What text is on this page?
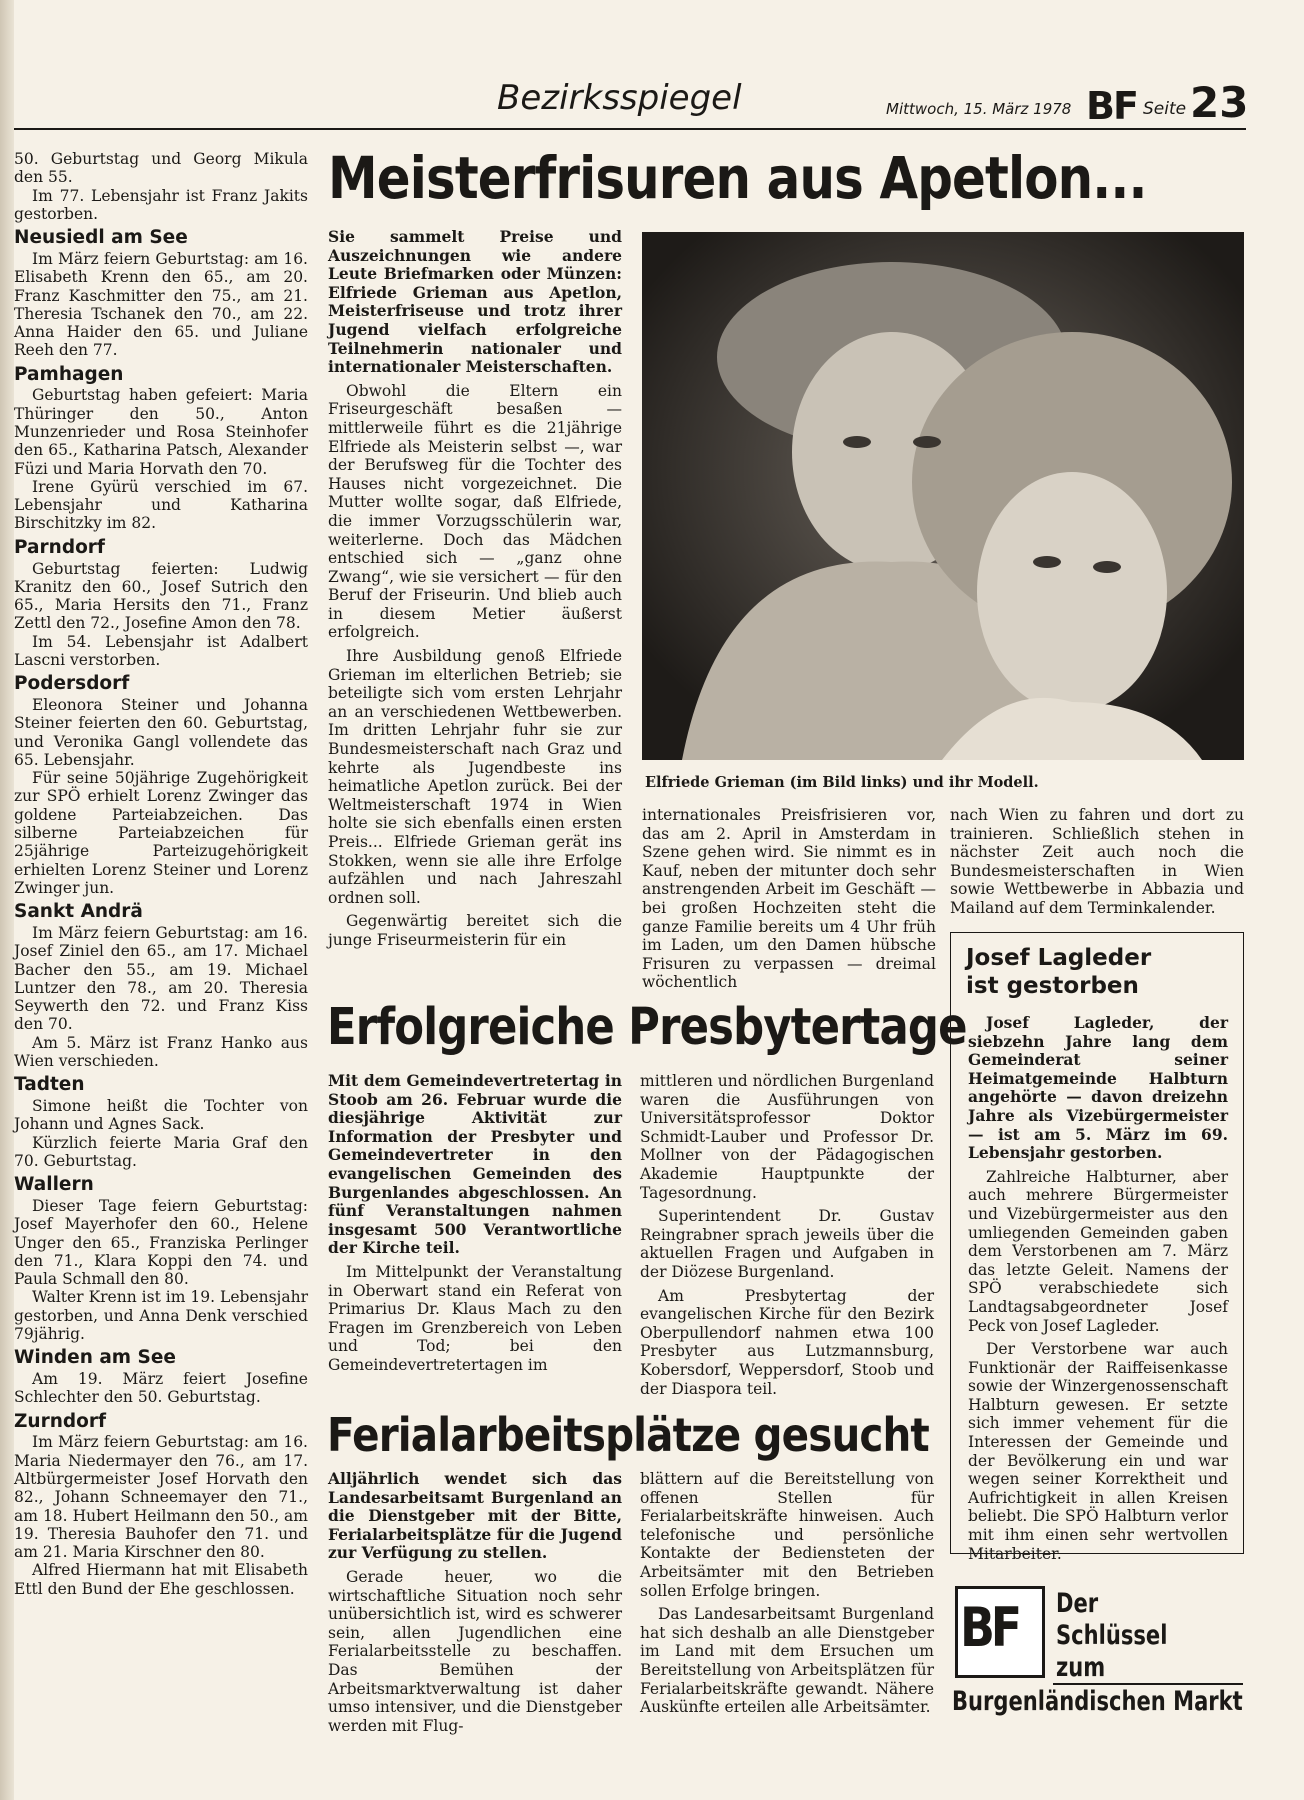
Bezirksspiegel	Mittwoch, 15. März 1978 BF Seite 23

50. Geburtstag und Georg Mikula den 55.

Im 77. Lebensjahr ist Franz Jakits gestorben.

Neusiedl am See

Im März feiern Geburtstag: am 16. Elisabeth Krenn den 65., am 20. Franz Kaschmitter den 75., am 21. Theresia Tschanek den 70., am 22. Anna Haider den 65. und Juliane Reeh den 77.

Pamhagen

Geburtstag haben gefeiert: Maria Thüringer den 50., Anton Munzenrieder und Rosa Steinhofer den 65., Katharina Patsch, Alexander Füzi und Maria Horvath den 70.

Irene Gyürü verschied im 67. Lebensjahr und Katharina Birschitzky im 82.

Parndorf

Geburtstag feierten: Ludwig Kranitz den 60., Josef Sutrich den 65., Maria Hersits den 71., Franz Zettl den 72., Josefine Amon den 78.

Im 54. Lebensjahr ist Adalbert Lascni verstorben.

Podersdorf

Eleonora Steiner und Johanna Steiner feierten den 60. Geburtstag, und Veronika Gangl vollendete das 65. Lebensjahr.

Für seine 50jährige Zugehörigkeit zur SPÖ erhielt Lorenz Zwinger das goldene Parteiabzeichen. Das silberne Parteiabzeichen für 25jährige Parteizugehörigkeit erhielten Lorenz Steiner und Lorenz Zwinger jun.

Sankt Andrä

Im März feiern Geburtstag: am 16. Josef Ziniel den 65., am 17. Michael Bacher den 55., am 19. Michael Luntzer den 78., am 20. Theresia Seywerth den 72. und Franz Kiss den 70.

Am 5. März ist Franz Hanko aus Wien verschieden.

Tadten

Simone heißt die Tochter von Johann und Agnes Sack.

Kürzlich feierte Maria Graf den 70. Geburtstag.

Wallern

Dieser Tage feiern Geburtstag: Josef Mayerhofer den 60., Helene Unger den 65., Franziska Perlinger den 71., Klara Koppi den 74. und Paula Schmall den 80.

Walter Krenn ist im 19. Lebensjahr gestorben, und Anna Denk verschied 79jährig.

Winden am See

Am 19. März feiert Josefine Schlechter den 50. Geburtstag.

Zurndorf

Im März feiern Geburtstag: am 16. Maria Niedermayer den 76., am 17. Altbürgermeister Josef Horvath den 82., Johann Schneemayer den 71., am 18. Hubert Heilmann den 50., am 19. Theresia Bauhofer den 71. und am 21. Maria Kirschner den 80.

Alfred Hiermann hat mit Elisabeth Ettl den Bund der Ehe geschlossen.

Meisterfrisuren aus Apetlon...

Sie sammelt Preise und Auszeichnungen wie andere Leute Briefmarken oder Münzen: Elfriede Grieman aus Apetlon, Meisterfriseuse und trotz ihrer Jugend vielfach erfolgreiche Teilnehmerin nationaler und internationaler Meisterschaften.

Obwohl die Eltern ein Friseurgeschäft besaßen — mittlerweile führt es die 21jährige Elfriede als Meisterin selbst —, war der Berufsweg für die Tochter des Hauses nicht vorgezeichnet. Die Mutter wollte sogar, daß Elfriede, die immer Vorzugsschülerin war, weiterlerne. Doch das Mädchen entschied sich — „ganz ohne Zwang“, wie sie versichert — für den Beruf der Friseurin. Und blieb auch in diesem Metier äußerst erfolgreich.

Ihre Ausbildung genoß Elfriede Grieman im elterlichen Betrieb; sie beteiligte sich vom ersten Lehrjahr an an verschiedenen Wettbewerben. Im dritten Lehrjahr fuhr sie zur Bundesmeisterschaft nach Graz und kehrte als Jugendbeste ins heimatliche Apetlon zurück. Bei der Weltmeisterschaft 1974 in Wien holte sie sich ebenfalls einen ersten Preis... Elfriede Grieman gerät ins Stokken, wenn sie alle ihre Erfolge aufzählen und nach Jahreszahl ordnen soll.

Gegenwärtig bereitet sich die junge Friseurmeisterin für ein

Elfriede Grieman (im Bild links) und ihr Modell.

internationales Preisfrisieren vor, das am 2. April in Amsterdam in Szene gehen wird. Sie nimmt es in Kauf, neben der mitunter doch sehr anstrengenden Arbeit im Geschäft — bei großen Hochzeiten steht die ganze Familie bereits um 4 Uhr früh im Laden, um den Damen hübsche Frisuren zu verpassen — dreimal wöchentlich

nach Wien zu fahren und dort zu trainieren. Schließlich stehen in nächster Zeit auch noch die Bundesmeisterschaften in Wien sowie Wettbewerbe in Abbazia und Mailand auf dem Terminkalender.

Erfolgreiche Presbytertage

Mit dem Gemeindevertretertag in Stoob am 26. Februar wurde die diesjährige Aktivität zur Information der Presbyter und Gemeindevertreter in den evangelischen Gemeinden des Burgenlandes abgeschlossen. An fünf Veranstaltungen nahmen insgesamt 500 Verantwortliche der Kirche teil.

Im Mittelpunkt der Veranstaltung in Oberwart stand ein Referat von Primarius Dr. Klaus Mach zu den Fragen im Grenzbereich von Leben und Tod; bei den Gemeindevertretertagen im

mittleren und nördlichen Burgenland waren die Ausführungen von Universitätsprofessor Doktor Schmidt-Lauber und Professor Dr. Mollner von der Pädagogischen Akademie Hauptpunkte der Tagesordnung.

Superintendent Dr. Gustav Reingrabner sprach jeweils über die aktuellen Fragen und Aufgaben in der Diözese Burgenland.

Am Presbytertag der evangelischen Kirche für den Bezirk Oberpullendorf nahmen etwa 100 Presbyter aus Lutzmannsburg, Kobersdorf, Weppersdorf, Stoob und der Diaspora teil.

Ferialarbeitsplätze gesucht

Alljährlich wendet sich das Landesarbeitsamt Burgenland an die Dienstgeber mit der Bitte, Ferialarbeitsplätze für die Jugend zur Verfügung zu stellen.

Gerade heuer, wo die wirtschaftliche Situation noch sehr unübersichtlich ist, wird es schwerer sein, allen Jugendlichen eine Ferialarbeitsstelle zu beschaffen. Das Bemühen der Arbeitsmarktverwaltung ist daher umso intensiver, und die Dienstgeber werden mit Flug-

blättern auf die Bereitstellung von offenen Stellen für Ferialarbeitskräfte hinweisen. Auch telefonische und persönliche Kontakte der Bediensteten der Arbeitsämter mit den Betrieben sollen Erfolge bringen.

Das Landesarbeitsamt Burgenland hat sich deshalb an alle Dienstgeber im Land mit dem Ersuchen um Bereitstellung von Arbeitsplätzen für Ferialarbeitskräfte gewandt. Nähere Auskünfte erteilen alle Arbeitsämter.

Josef Lagleder
ist gestorben

Josef Lagleder, der siebzehn Jahre lang dem Gemeinderat seiner Heimatgemeinde Halbturn angehörte — davon dreizehn Jahre als Vizebürgermeister — ist am 5. März im 69. Lebensjahr gestorben.

Zahlreiche Halbturner, aber auch mehrere Bürgermeister und Vizebürgermeister aus den umliegenden Gemeinden gaben dem Verstorbenen am 7. März das letzte Geleit. Namens der SPÖ verabschiedete sich Landtagsabgeordneter Josef Peck von Josef Lagleder.

Der Verstorbene war auch Funktionär der Raiffeisenkasse sowie der Winzergenossenschaft Halbturn gewesen. Er setzte sich immer vehement für die Interessen der Gemeinde und der Bevölkerung ein und war wegen seiner Korrektheit und Aufrichtigkeit in allen Kreisen beliebt. Die SPÖ Halbturn verlor mit ihm einen sehr wertvollen Mitarbeiter.

BF Der
Schlüssel
zum
Burgenländischen Markt
